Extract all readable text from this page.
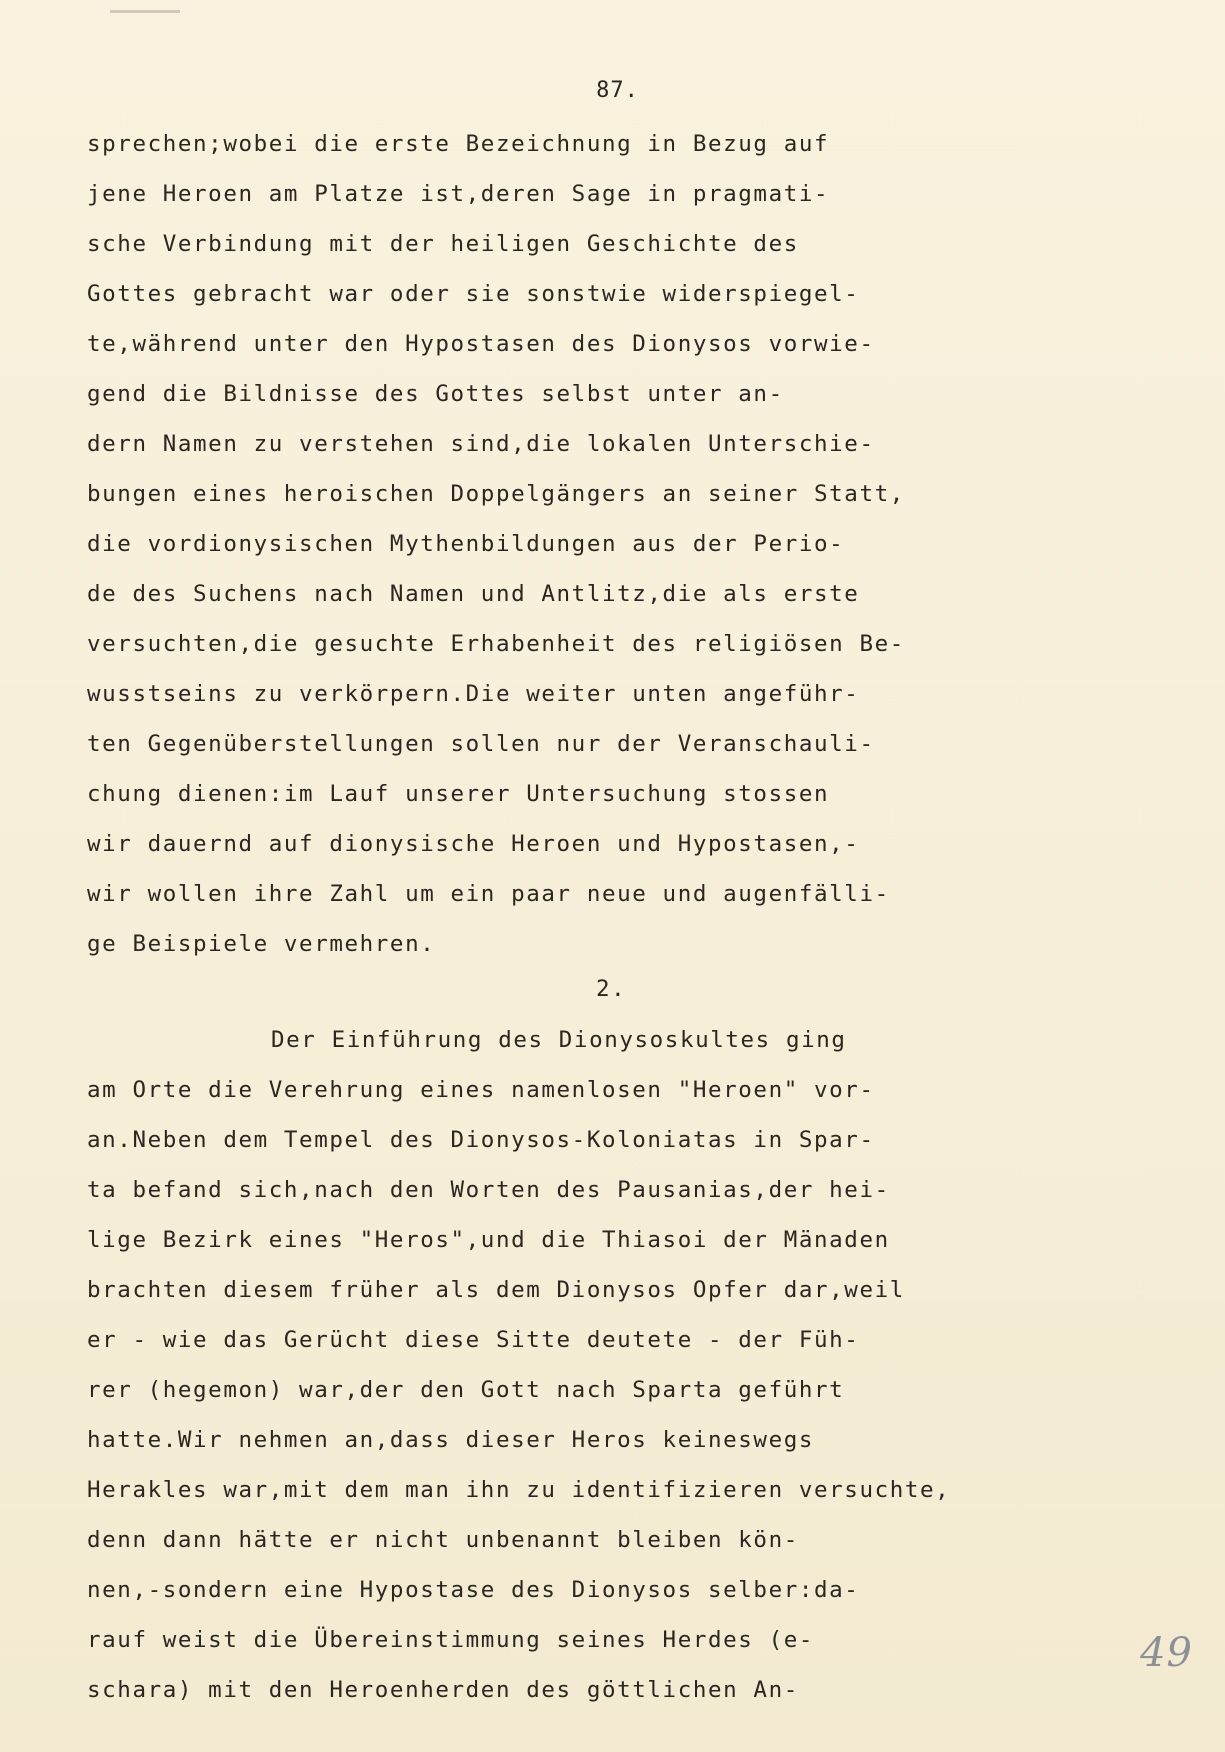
87.
sprechen;wobei die erste Bezeichnung in Bezug auf
jene Heroen am Platze ist,deren Sage in pragmati-
sche Verbindung mit der heiligen Geschichte des
Gottes gebracht war oder sie sonstwie widerspiegel-
te,während unter den Hypostasen des Dionysos vorwie-
gend die Bildnisse des Gottes selbst unter an-
dern Namen zu verstehen sind,die lokalen Unterschie-
bungen eines heroischen Doppelgängers an seiner Statt,
die vordionysischen Mythenbildungen aus der Perio-
de des Suchens nach Namen und Antlitz,die als erste
versuchten,die gesuchte Erhabenheit des religiösen Be-
wusstseins zu verkörpern.Die weiter unten angeführ-
ten Gegenüberstellungen sollen nur der Veranschauli-
chung dienen:im Lauf unserer Untersuchung stossen
wir dauernd auf dionysische Heroen und Hypostasen,-
wir wollen ihre Zahl um ein paar neue und augenfälli-
ge Beispiele vermehren.
2.
Der Einführung des Dionysoskultes ging
am Orte die Verehrung eines namenlosen "Heroen" vor-
an.Neben dem Tempel des Dionysos-Koloniatas in Spar-
ta befand sich,nach den Worten des Pausanias,der hei-
lige Bezirk eines "Heros",und die Thiasoi der Mänaden
brachten diesem früher als dem Dionysos Opfer dar,weil
er - wie das Gerücht diese Sitte deutete - der Füh-
rer (hegemon) war,der den Gott nach Sparta geführt
hatte.Wir nehmen an,dass dieser Heros keineswegs
Herakles war,mit dem man ihn zu identifizieren versuchte,
denn dann hätte er nicht unbenannt bleiben kön-
nen,-sondern eine Hypostase des Dionysos selber:da-
rauf weist die Übereinstimmung seines Herdes (e-
schara) mit den Heroenherden des göttlichen An-
49
